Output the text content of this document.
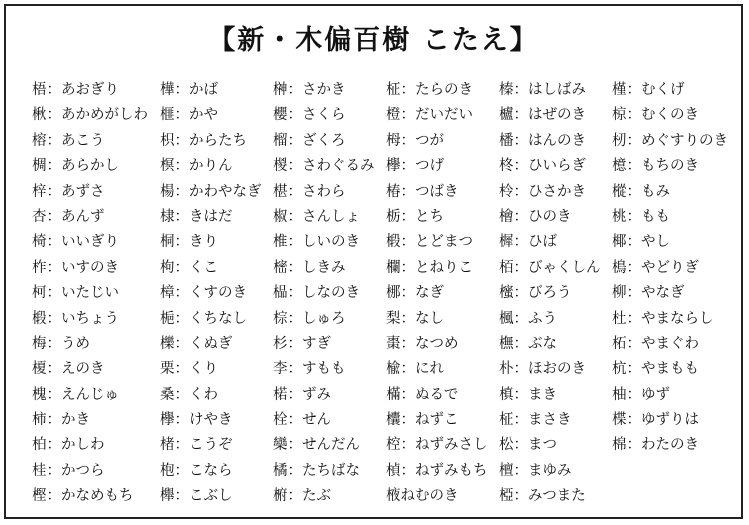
【新・木偏百樹 こたえ】
梧：あおぎり
楸：あかめがしわ
榕：あこう
椆：あらかし
梓：あずさ
杏：あんず
椅：いいぎり
柞：いすのき
柯：いたじい
椴：いちょう
梅：うめ
榎：えのき
槐：えんじゅ
柿：かき
柏：かしわ
桂：かつら
樫：かなめもち
樺：かば
榧：かや
枳：からたち
榠：かりん
楊：かわやなぎ
棣：きはだ
桐：きり
枸：くこ
樟：くすのき
梔：くちなし
櫟：くぬぎ
栗：くり
桑：くわ
欅：けやき
楮：こうぞ
枹：こなら
櫸：こぶし
榊：さかき
櫻：さくら
榴：ざくろ
椶：さわぐるみ
椹：さわら
椒：さんしょ
椎：しいのき
樒：しきみ
榀：しなのき
棕：しゅろ
杉：すぎ
李：すもも
楉：ずみ
栓：せん
欒：せんだん
橘：たちばな
椨：たぶ
柾：たらのき
橙：だいだい
栂：つが
欅：つげ
椿：つばき
栃：とち
椴：とどまつ
欄：とねりこ
梛：なぎ
梨：なし
棗：なつめ
楡：にれ
樠：ぬるで
欜：ねずこ
椌：ねずみさし
楨：ねずみもち
棭ねむのき
榛：はしばみ
櫨：はぜのき
橎：はんのき
柊：ひいらぎ
柃：ひさかき
檜：ひのき
樨：ひば
栢：びゃくしん
櫁：びろう
楓：ふう
橅：ぶな
朴：ほおのき
槙：まき
柾：まさき
松：まつ
檀：まゆみ
椏：みつまた
槿：むくげ
椋：むくのき
杒：めぐすりのき
檍：もちのき
樅：もみ
桃：もも
椰：やし
樢：やどりぎ
柳：やなぎ
杜：やまならし
柘：やまぐわ
杭：やまもも
柚：ゆず
楪：ゆずりは
棉：わたのき
